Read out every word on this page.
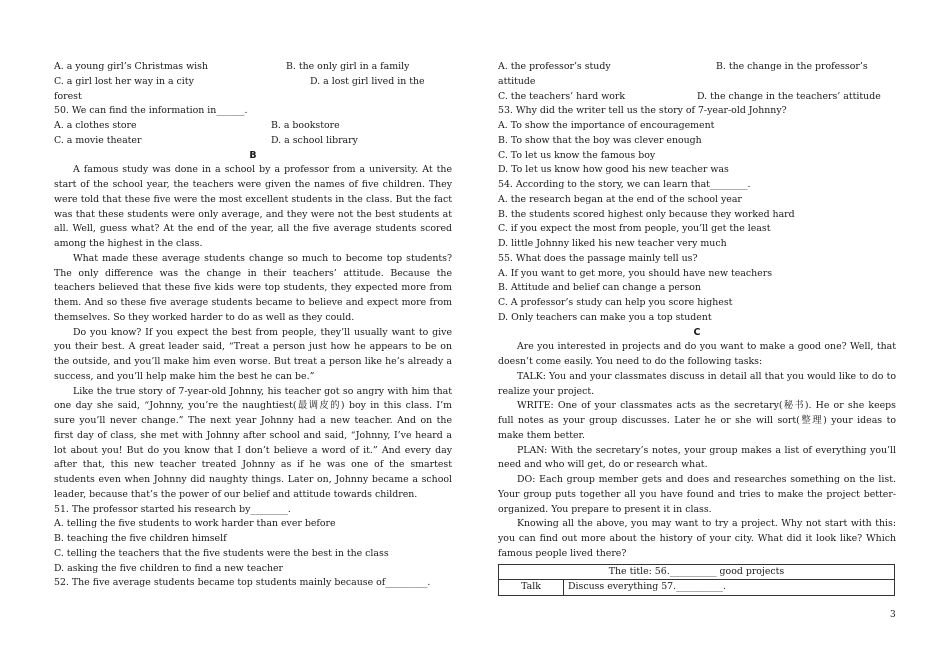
A. a young girl’s Christmas wish	B. the only girl in a family
C. a girl lost her way in a city	D. a lost girl lived in the
forest
50. We can find the information in______.
A. a clothes store	B. a bookstore
C. a movie theater	D. a school library
B
A famous study was done in a school by a professor from a university. At the start of the school year, the teachers were given the names of five children. They were told that these five were the most excellent students in the class. But the fact was that these students were only average, and they were not the best students at all. Well, guess what? At the end of the year, all the five average students scored among the highest in the class.
What made these average students change so much to become top students? The only difference was the change in their teachers’ attitude. Because the teachers believed that these five kids were top students, they expected more from them. And so these five average students became to believe and expect more from themselves. So they worked harder to do as well as they could.
Do you know? If you expect the best from people, they’ll usually want to give you their best. A great leader said, “Treat a person just how he appears to be on the outside, and you’ll make him even worse. But treat a person like he’s already a success, and you’ll help make him the best he can be.”
Like the true story of 7-year-old Johnny, his teacher got so angry with him that one day she said, “Johnny, you’re the naughtiest(最调皮的) boy in this class. I’m sure you’ll never change.” The next year Johnny had a new teacher. And on the first day of class, she met with Johnny after school and said, “Johnny, I’ve heard a lot about you! But do you know that I don’t believe a word of it.” And every day after that, this new teacher treated Johnny as if he was one of the smartest students even when Johnny did naughty things. Later on, Johnny became a school leader, because that’s the power of our belief and attitude towards children.
51. The professor started his research by________.
A. telling the five students to work harder than ever before
B. teaching the five children himself
C. telling the teachers that the five students were the best in the class
D. asking the five children to find a new teacher
52. The five average students became top students mainly because of_________.
A. the professor’s study	B. the change in the professor’s
attitude
C. the teachers’ hard work	D. the change in the teachers’ attitude
53. Why did the writer tell us the story of 7-year-old Johnny?
A. To show the importance of encouragement
B. To show that the boy was clever enough
C. To let us know the famous boy
D. To let us know how good his new teacher was
54. According to the story, we can learn that________.
A. the research began at the end of the school year
B. the students scored highest only because they worked hard
C. if you expect the most from people, you’ll get the least
D. little Johnny liked his new teacher very much
55. What does the passage mainly tell us?
A. If you want to get more, you should have new teachers
B. Attitude and belief can change a person
C. A professor’s study can help you score highest
D. Only teachers can make you a top student
C
Are you interested in projects and do you want to make a good one? Well, that doesn’t come easily. You need to do the following tasks:
TALK: You and your classmates discuss in detail all that you would like to do to realize your project.
WRITE: One of your classmates acts as the secretary(秘书). He or she keeps full notes as your group discusses. Later he or she will sort(整理) your ideas to make them better.
PLAN: With the secretary’s notes, your group makes a list of everything you’ll need and who will get, do or research what.
DO: Each group member gets and does and researches something on the list. Your group puts together all you have found and tries to make the project better-organized. You prepare to present it in class.
Knowing all the above, you may want to try a project. Why not start with this: you can find out more about the history of your city. What did it look like? Which famous people lived there?
The title: 56.__________ good projects
Talk	Discuss everything 57.__________.
3
